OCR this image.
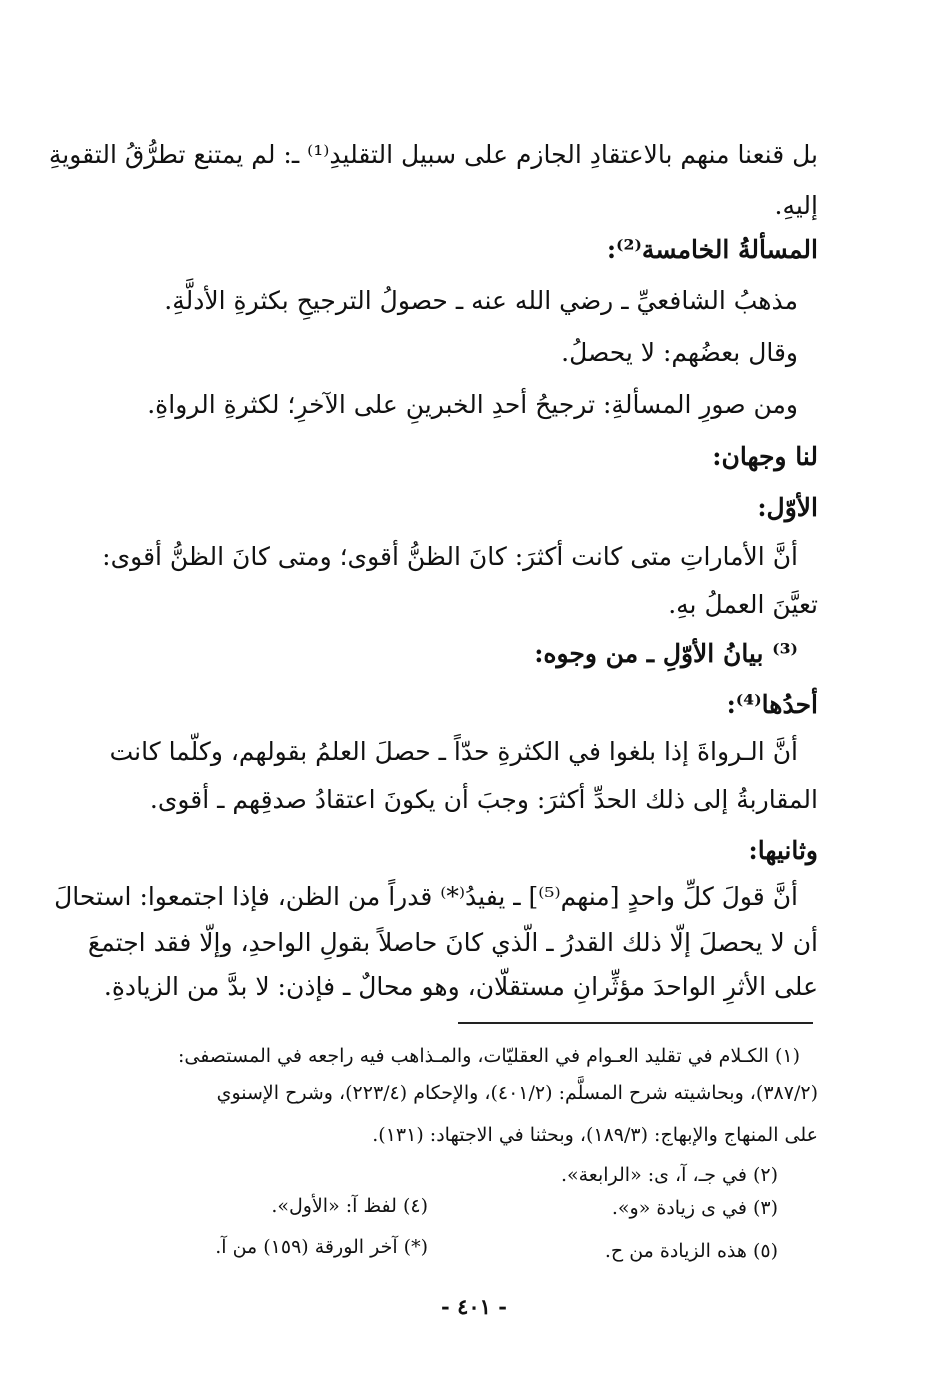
بل قنعنا منهم بالاعتقادِ الجازم على سبيل التقليدِ⁽¹⁾ ـ: لم يمتنع تطرُّقُ التقويةِ
إليهِ.
المسألةُ الخامسة⁽²⁾:
مذهبُ الشافعيِّ ـ رضي الله عنه ـ حصولُ الترجيحِ بكثرةِ الأدلَّةِ.
وقال بعضُهم: لا يحصلُ.
ومن صورِ المسألةِ: ترجيحُ أحدِ الخبرينِ على الآخرِ؛ لكثرةِ الرواةِ.
لنا وجهان:
الأوّل:
أنَّ الأماراتِ متى كانت أكثرَ: كانَ الظنُّ أقوى؛ ومتى كانَ الظنُّ أقوى:
تعيَّنَ العملُ بهِ.
⁽³⁾ بيانُ الأوّلِ ـ من وجوه:
أحدُها⁽⁴⁾:
أنَّ الـرواةَ إذا بلغوا في الكثرةِ حدّاً ـ حصلَ العلمُ بقولهم، وكلّما كانت
المقاربةُ إلى ذلك الحدِّ أكثرَ: وجبَ أن يكونَ اعتقادُ صدقِهم ـ أقوى.
وثانيها:
أنَّ قولَ كلِّ واحدٍ [منهم⁽⁵⁾] ـ يفيدُ⁽*⁾ قدراً من الظن، فإذا اجتمعوا: استحالَ
أن لا يحصلَ إلّا ذلك القدرُ ـ الّذي كانَ حاصلاً بقولِ الواحدِ، وإلّا فقد اجتمعَ
على الأثرِ الواحدَ مؤثِّرانِ مستقلّان، وهو محالٌ ـ فإذن: لا بدَّ من الزيادةِ.
(١) الكـلام في تقليد العـوام في العقليّات، والمـذاهب فيه راجعه في المستصفى:
(٣٨٧/٢)، وبحاشيته شرح المسلَّم: (٤٠١/٢)، والإحكام (٢٢٣/٤)، وشرح الإسنوي
على المنهاج والإبهاج: (١٨٩/٣)، وبحثنا في الاجتهاد: (١٣١).
(٢) في جـ، آ، ى: «الرابعة».
(٣) في ى زيادة «و».
(٤) لفظ آ: «الأول».
(٥) هذه الزيادة من ح.
(*) آخر الورقة (١٥٩) من آ.
- ٤٠١ -
